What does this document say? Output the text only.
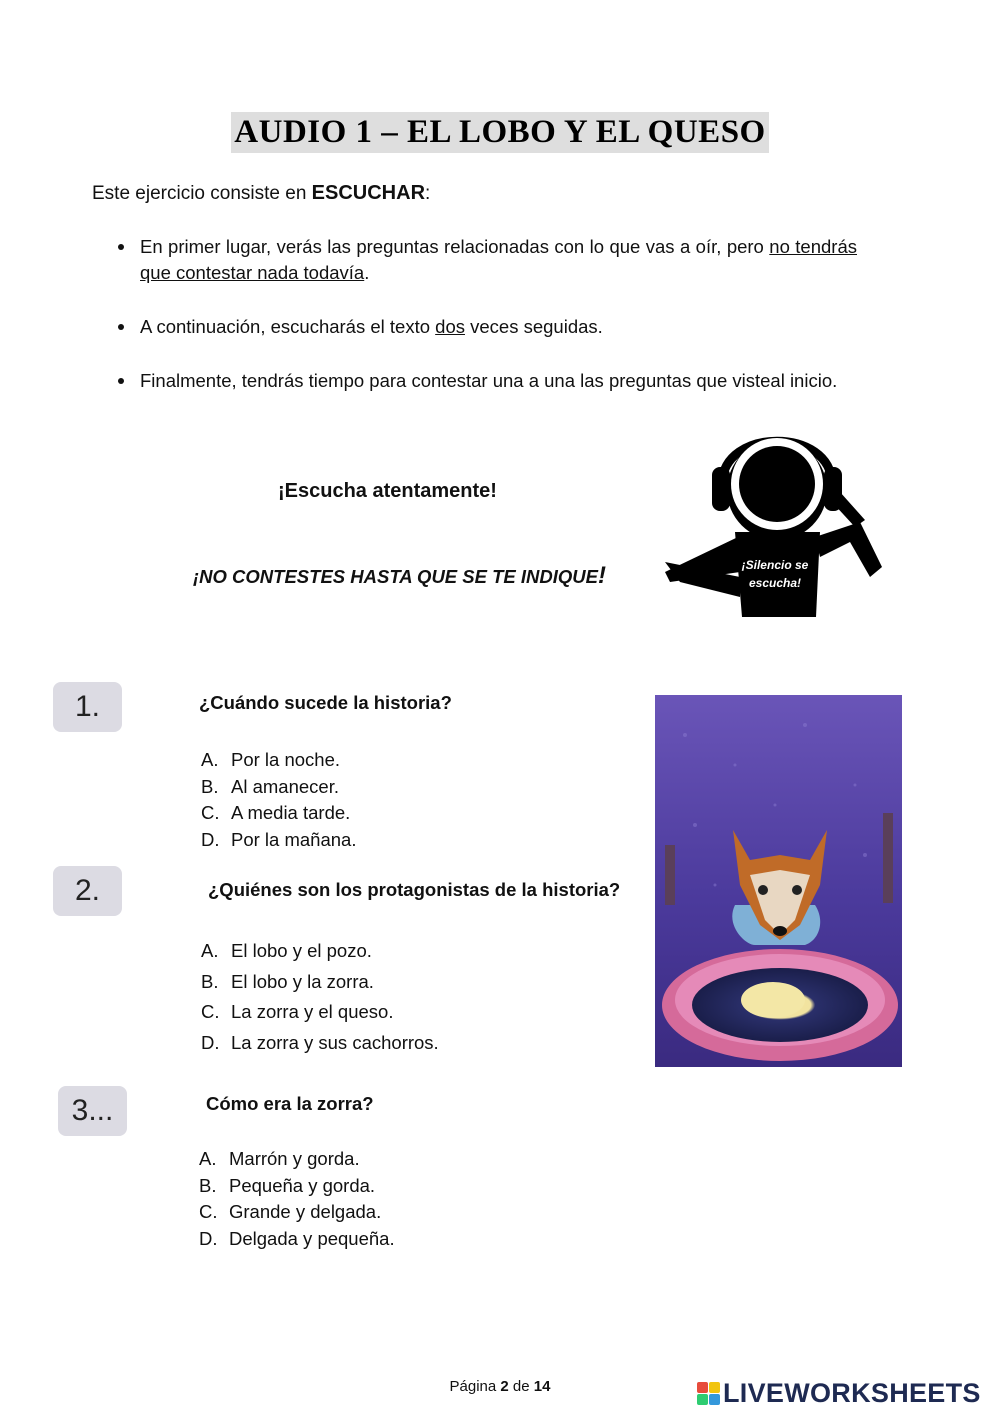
AUDIO 1 – EL LOBO Y EL QUESO
Este ejercicio consiste en ESCUCHAR:
En primer lugar, verás las preguntas relacionadas con lo que vas a oír, pero no tendrás que contestar nada todavía.
A continuación, escucharás el texto dos veces seguidas.
Finalmente, tendrás tiempo para contestar una a una las preguntas que visteal inicio.
¡Escucha atentamente!
¡NO CONTESTES HASTA QUE SE TE INDIQUE!	¡Silencio se
escucha!
1.	¿Cuándo sucede la historia?
A. Por la noche.
B. Al amanecer.
C. A media tarde.
D. Por la mañana.
2.	¿Quiénes son los protagonistas de la historia?
A. El lobo y el pozo.
B. El lobo y la zorra.
C. La zorra y el queso.
D. La zorra y sus cachorros.
3...	Cómo era la zorra?
A. Marrón y gorda.
B. Pequeña y gorda.
C. Grande y delgada.
D. Delgada y pequeña.
Página 2 de 14	LIVEWORKSHEETS
